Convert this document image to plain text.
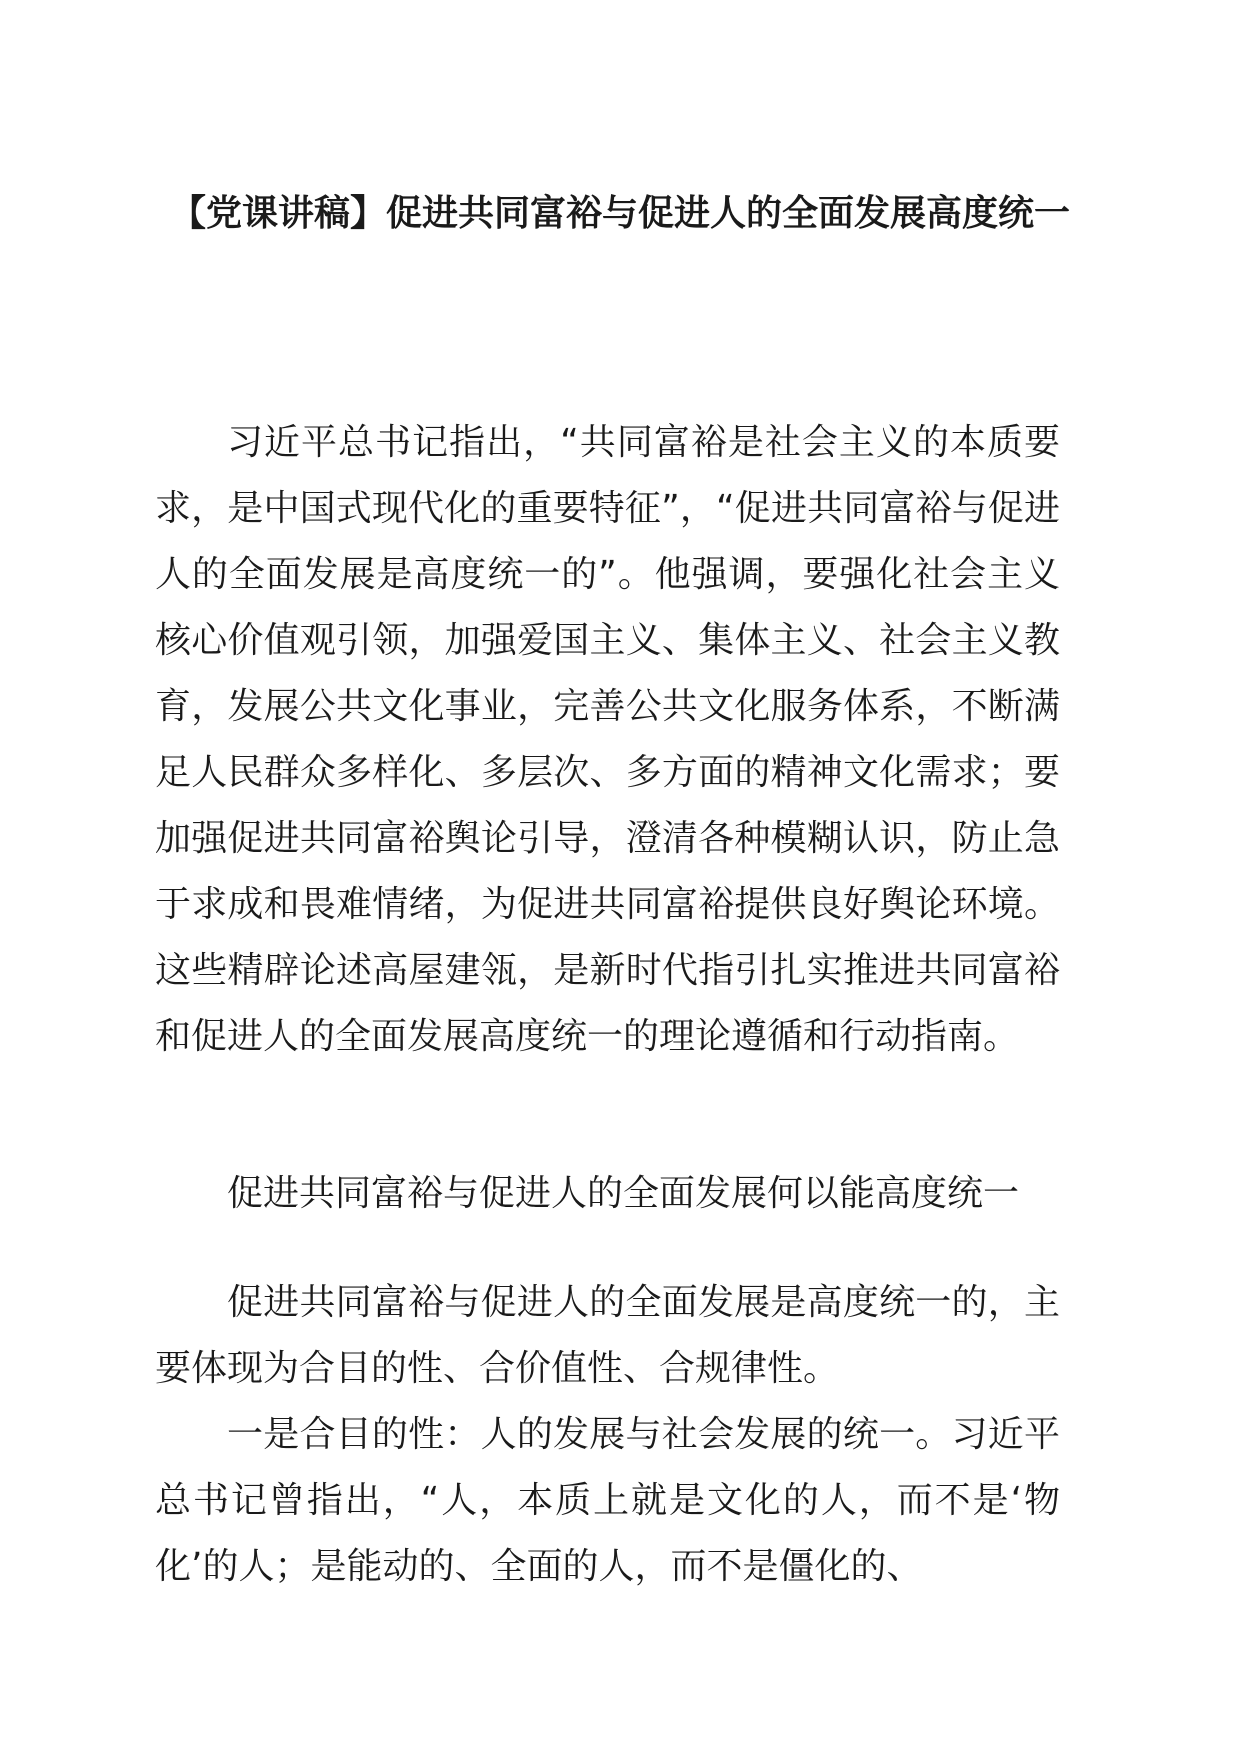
【党课讲稿】促进共同富裕与促进人的全面发展高度统一

习近平总书记指出，“共同富裕是社会主义的本质要求，是中国式现代化的重要特征”，“促进共同富裕与促进人的全面发展是高度统一的”。他强调，要强化社会主义核心价值观引领，加强爱国主义、集体主义、社会主义教育，发展公共文化事业，完善公共文化服务体系，不断满足人民群众多样化、多层次、多方面的精神文化需求；要加强促进共同富裕舆论引导，澄清各种模糊认识，防止急于求成和畏难情绪，为促进共同富裕提供良好舆论环境。这些精辟论述高屋建瓴，是新时代指引扎实推进共同富裕和促进人的全面发展高度统一的理论遵循和行动指南。

促进共同富裕与促进人的全面发展何以能高度统一

促进共同富裕与促进人的全面发展是高度统一的，主要体现为合目的性、合价值性、合规律性。

一是合目的性：人的发展与社会发展的统一。习近平总书记曾指出，“人，本质上就是文化的人，而不是‘物化’的人；是能动的、全面的人，而不是僵化的、
